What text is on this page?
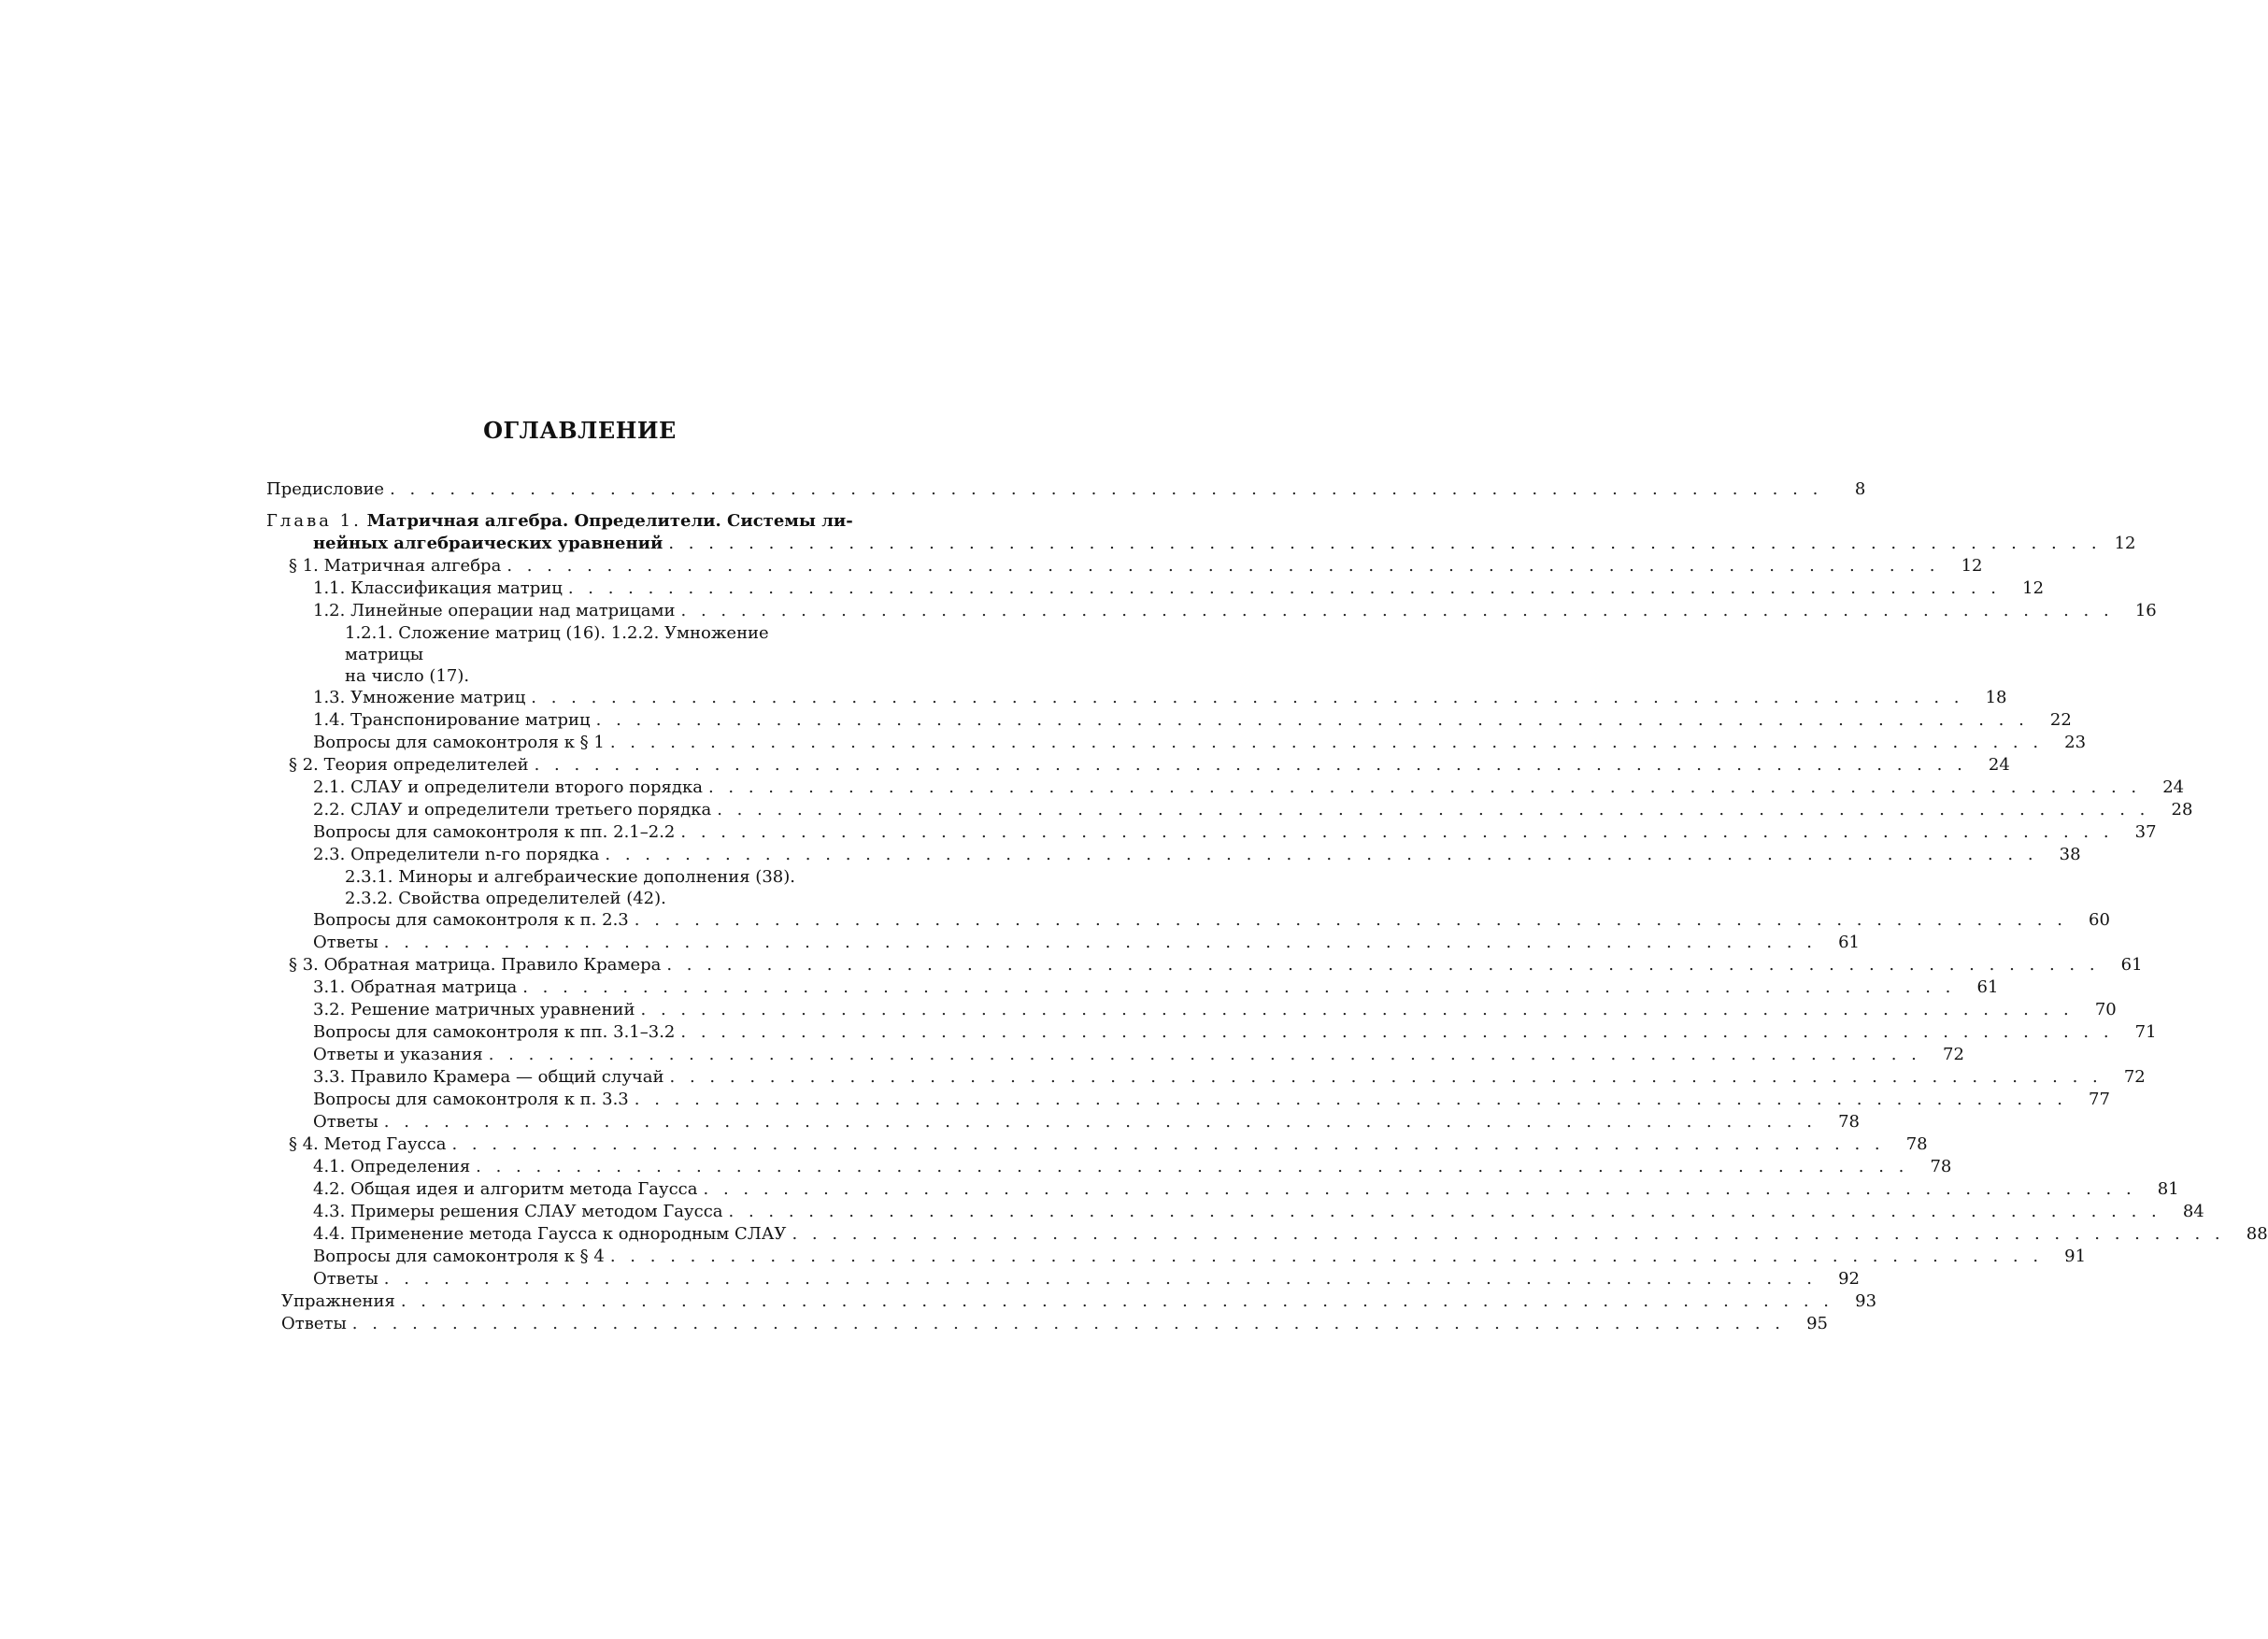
ОГЛАВЛЕНИЕ
Предисловие . . . . . . . . . . . . . . . . . . . . . . . . . . . . . . . . . . . . . . . . . . . . . . . . . . . . . . . . . . . . . . . . . . . . . . . .	8
Глава 1. Матричная алгебра. Определители. Системы ли-
нейных алгебраических уравнений . . . . . . . . . . . . . . . . . . . . . . . . . . . . . . . . . . . . . . . . . . . . . . . . . . . . . . . . . . . . . . . . . . . . . . . . 12
§ 1. Матричная алгебра . . . . . . . . . . . . . . . . . . . . . . . . . . . . . . . . . . . . . . . . . . . . . . . . . . . . . . . . . . . . . . . . . . . . . . . .	12
1.1. Классификация матриц . . . . . . . . . . . . . . . . . . . . . . . . . . . . . . . . . . . . . . . . . . . . . . . . . . . . . . . . . . . . . . . . . . . . . . . .	12
1.2. Линейные операции над матрицами . . . . . . . . . . . . . . . . . . . . . . . . . . . . . . . . . . . . . . . . . . . . . . . . . . . . . . . . . . . . . . . . . . . . . . . .	16
1.2.1. Сложение матриц (16). 1.2.2. Умножение матрицы
на число (17).
1.3. Умножение матриц . . . . . . . . . . . . . . . . . . . . . . . . . . . . . . . . . . . . . . . . . . . . . . . . . . . . . . . . . . . . . . . . . . . . . . . .	18
1.4. Транспонирование матриц . . . . . . . . . . . . . . . . . . . . . . . . . . . . . . . . . . . . . . . . . . . . . . . . . . . . . . . . . . . . . . . . . . . . . . . .	22
Вопросы для самоконтроля к § 1 . . . . . . . . . . . . . . . . . . . . . . . . . . . . . . . . . . . . . . . . . . . . . . . . . . . . . . . . . . . . . . . . . . . . . . . .	23
§ 2. Теория определителей . . . . . . . . . . . . . . . . . . . . . . . . . . . . . . . . . . . . . . . . . . . . . . . . . . . . . . . . . . . . . . . . . . . . . . . .	24
2.1. СЛАУ и определители второго порядка . . . . . . . . . . . . . . . . . . . . . . . . . . . . . . . . . . . . . . . . . . . . . . . . . . . . . . . . . . . . . . . . . . . . . . . .	24
2.2. СЛАУ и определители третьего порядка . . . . . . . . . . . . . . . . . . . . . . . . . . . . . . . . . . . . . . . . . . . . . . . . . . . . . . . . . . . . . . . . . . . . . . . .	28
Вопросы для самоконтроля к пп. 2.1–2.2 . . . . . . . . . . . . . . . . . . . . . . . . . . . . . . . . . . . . . . . . . . . . . . . . . . . . . . . . . . . . . . . . . . . . . . . .	37
2.3. Определители n-го порядка . . . . . . . . . . . . . . . . . . . . . . . . . . . . . . . . . . . . . . . . . . . . . . . . . . . . . . . . . . . . . . . . . . . . . . . .	38
2.3.1. Миноры и алгебраические дополнения (38).
2.3.2. Свойства определителей (42).
Вопросы для самоконтроля к п. 2.3 . . . . . . . . . . . . . . . . . . . . . . . . . . . . . . . . . . . . . . . . . . . . . . . . . . . . . . . . . . . . . . . . . . . . . . . .	60
Ответы . . . . . . . . . . . . . . . . . . . . . . . . . . . . . . . . . . . . . . . . . . . . . . . . . . . . . . . . . . . . . . . . . . . . . . . .	61
§ 3. Обратная матрица. Правило Крамера . . . . . . . . . . . . . . . . . . . . . . . . . . . . . . . . . . . . . . . . . . . . . . . . . . . . . . . . . . . . . . . . . . . . . . . .	61
3.1. Обратная матрица . . . . . . . . . . . . . . . . . . . . . . . . . . . . . . . . . . . . . . . . . . . . . . . . . . . . . . . . . . . . . . . . . . . . . . . .	61
3.2. Решение матричных уравнений . . . . . . . . . . . . . . . . . . . . . . . . . . . . . . . . . . . . . . . . . . . . . . . . . . . . . . . . . . . . . . . . . . . . . . . .	70
Вопросы для самоконтроля к пп. 3.1–3.2 . . . . . . . . . . . . . . . . . . . . . . . . . . . . . . . . . . . . . . . . . . . . . . . . . . . . . . . . . . . . . . . . . . . . . . . .	71
Ответы и указания . . . . . . . . . . . . . . . . . . . . . . . . . . . . . . . . . . . . . . . . . . . . . . . . . . . . . . . . . . . . . . . . . . . . . . . .	72
3.3. Правило Крамера — общий случай . . . . . . . . . . . . . . . . . . . . . . . . . . . . . . . . . . . . . . . . . . . . . . . . . . . . . . . . . . . . . . . . . . . . . . . .	72
Вопросы для самоконтроля к п. 3.3 . . . . . . . . . . . . . . . . . . . . . . . . . . . . . . . . . . . . . . . . . . . . . . . . . . . . . . . . . . . . . . . . . . . . . . . .	77
Ответы . . . . . . . . . . . . . . . . . . . . . . . . . . . . . . . . . . . . . . . . . . . . . . . . . . . . . . . . . . . . . . . . . . . . . . . .	78
§ 4. Метод Гаусса . . . . . . . . . . . . . . . . . . . . . . . . . . . . . . . . . . . . . . . . . . . . . . . . . . . . . . . . . . . . . . . . . . . . . . . .	78
4.1. Определения . . . . . . . . . . . . . . . . . . . . . . . . . . . . . . . . . . . . . . . . . . . . . . . . . . . . . . . . . . . . . . . . . . . . . . . .	78
4.2. Общая идея и алгоритм метода Гаусса . . . . . . . . . . . . . . . . . . . . . . . . . . . . . . . . . . . . . . . . . . . . . . . . . . . . . . . . . . . . . . . . . . . . . . . .	81
4.3. Примеры решения СЛАУ методом Гаусса . . . . . . . . . . . . . . . . . . . . . . . . . . . . . . . . . . . . . . . . . . . . . . . . . . . . . . . . . . . . . . . . . . . . . . . .	84
4.4. Применение метода Гаусса к однородным СЛАУ . . . . . . . . . . . . . . . . . . . . . . . . . . . . . . . . . . . . . . . . . . . . . . . . . . . . . . . . . . . . . . . . . . . . . . . .	88
Вопросы для самоконтроля к § 4 . . . . . . . . . . . . . . . . . . . . . . . . . . . . . . . . . . . . . . . . . . . . . . . . . . . . . . . . . . . . . . . . . . . . . . . .	91
Ответы . . . . . . . . . . . . . . . . . . . . . . . . . . . . . . . . . . . . . . . . . . . . . . . . . . . . . . . . . . . . . . . . . . . . . . . .	92
Упражнения . . . . . . . . . . . . . . . . . . . . . . . . . . . . . . . . . . . . . . . . . . . . . . . . . . . . . . . . . . . . . . . . . . . . . . . .	93
Ответы . . . . . . . . . . . . . . . . . . . . . . . . . . . . . . . . . . . . . . . . . . . . . . . . . . . . . . . . . . . . . . . . . . . . . . . .	95
